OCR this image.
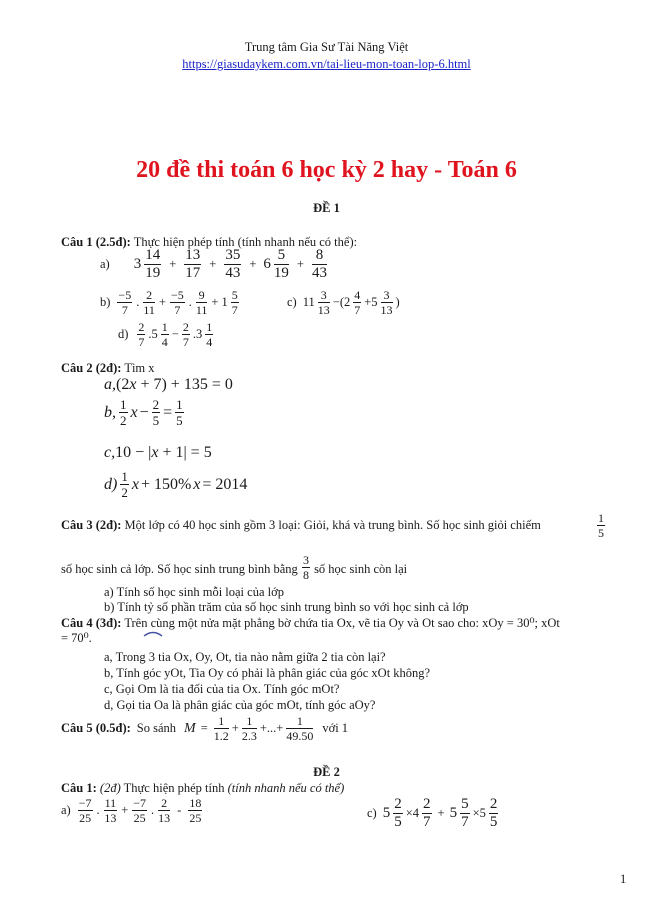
Trung tâm Gia Sư Tài Năng Việt
https://giasudaykem.com.vn/tai-lieu-mon-toan-lop-6.html
20 đề thi toán 6 học kỳ 2 hay - Toán 6
ĐỀ 1
Câu 1 (2.5đ): Thực hiện phép tính (tính nhanh nếu có thể):
a) $3 \frac{14}{19} + \frac{13}{17} + \frac{35}{43} + 6 \frac{5}{19} + \frac{8}{43}$
$b) \frac{-5}{7}$ . $\frac{2}{11} + \frac{-5}{7}$ . $\frac{9}{11} + 1 \frac{5}{7}$	c) $11 \frac{3}{13} -(2 \frac{4}{7} +5 \frac{3}{13}$ )
$d) \frac{2}{7} .5 \frac{1}{4} - \frac{2}{7} .3 \frac{1}{4}$
Câu 2 (2đ): Tìm x
a,(2x + 7) + 135 = 0
b, $\frac{1}{2}$ $x - \frac{2}{5} = \frac{1}{5}$
c,10 − |x + 1| = 5
$d) \frac{1}{2}$ x + 150% x = 2014
Câu 3 (2đ): Một lớp có 40 học sinh gồm 3 loại: Giỏi, khá và trung bình. Số học sinh giỏi chiếm	$\frac{1}{5}$
số học sinh cả lớp. Số học sinh trung bình bằng $\frac{3}{8}$ số học sinh còn lại
a) Tính số học sinh mỗi loại của lớp
b) Tính tỷ số phần trăm của số học sinh trung bình so với học sinh cả lớp
Câu 4 (3đ): Trên cùng một nửa mặt phẳng bờ chứa tia Ox, vẽ tia Oy và Ot sao cho: xOy = 30⁰; xOt
= 70⁰.
a, Trong 3 tia Ox, Oy, Ot, tia nào nằm giữa 2 tia còn lại?
b, Tính góc yOt, Tia Oy có phải là phân giác của góc xOt không?
c, Gọi Om là tia đối của tia Ox. Tính góc mOt?
d, Gọi tia Oa là phân giác của góc mOt, tính góc aOy?
Câu 5 (0.5đ): So sánh $M = \frac{1}{1.2} + \frac{1}{2.3}$ +...+ $\frac{1}{49.50}$ với 1
ĐỀ 2
Câu 1: (2đ) Thực hiện phép tính (tính nhanh nếu có thể)
$a) \frac{-7}{25}$ . $\frac{11}{13} + \frac{-7}{25}$ . $\frac{2}{13} - \frac{18}{25}$	c) $5 \frac{2}{5} \times 4 \frac{2}{7} + 5 \frac{5}{7} \times 5 \frac{2}{5}$
1
